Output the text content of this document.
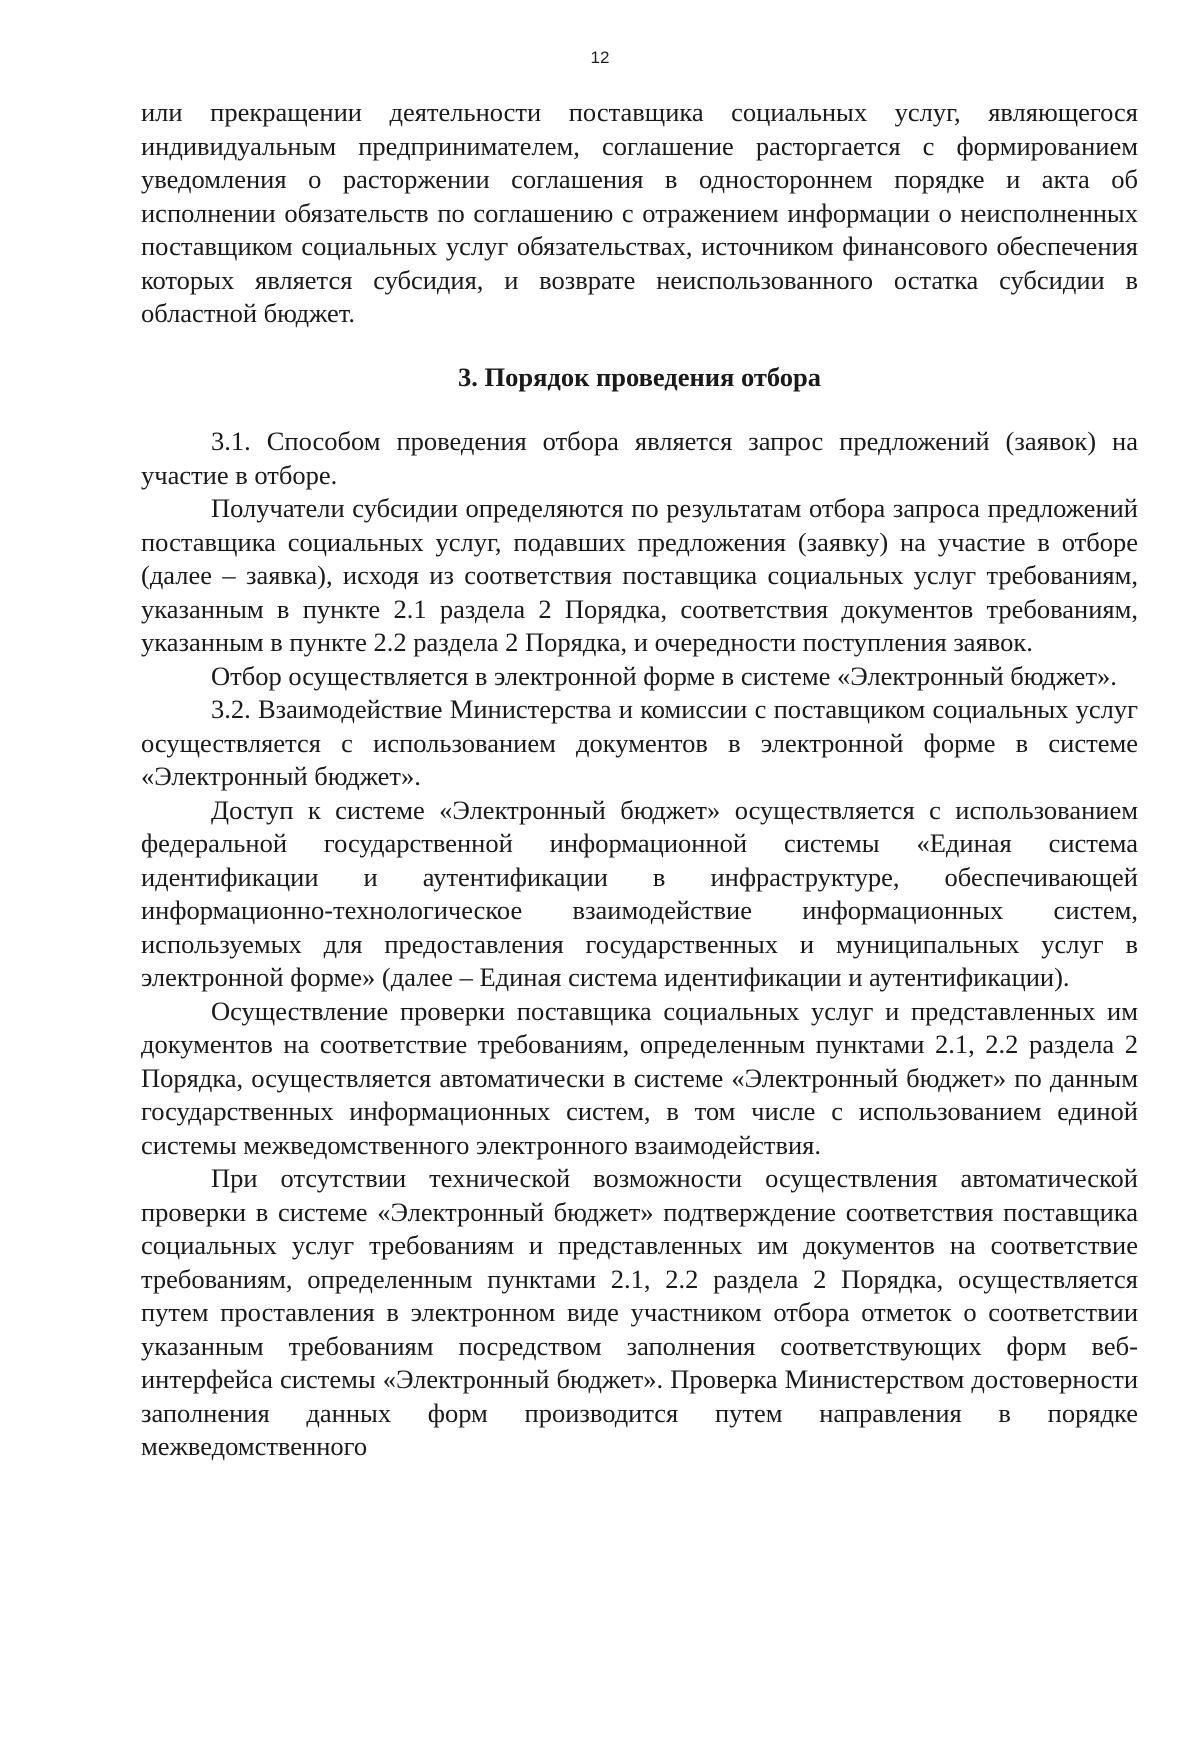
12

или прекращении деятельности поставщика социальных услуг, являющегося индивидуальным предпринимателем, соглашение расторгается с формированием уведомления о расторжении соглашения в одностороннем порядке и акта об исполнении обязательств по соглашению с отражением информации о неисполненных поставщиком социальных услуг обязательствах, источником финансового обеспечения которых является субсидия, и возврате неиспользованного остатка субсидии в областной бюджет.

3. Порядок проведения отбора

3.1. Способом проведения отбора является запрос предложений (заявок) на участие в отборе.

Получатели субсидии определяются по результатам отбора запроса предложений поставщика социальных услуг, подавших предложения (заявку) на участие в отборе (далее – заявка), исходя из соответствия поставщика социальных услуг требованиям, указанным в пункте 2.1 раздела 2 Порядка, соответствия документов требованиям, указанным в пункте 2.2 раздела 2 Порядка, и очередности поступления заявок.

Отбор осуществляется в электронной форме в системе «Электронный бюджет».

3.2. Взаимодействие Министерства и комиссии с поставщиком социальных услуг осуществляется с использованием документов в электронной форме в системе «Электронный бюджет».

Доступ к системе «Электронный бюджет» осуществляется с использованием федеральной государственной информационной системы «Единая система идентификации и аутентификации в инфраструктуре, обеспечивающей информационно-технологическое взаимодействие информационных систем, используемых для предоставления государственных и муниципальных услуг в электронной форме» (далее – Единая система идентификации и аутентификации).

Осуществление проверки поставщика социальных услуг и представленных им документов на соответствие требованиям, определенным пунктами 2.1, 2.2 раздела 2 Порядка, осуществляется автоматически в системе «Электронный бюджет» по данным государственных информационных систем, в том числе с использованием единой системы межведомственного электронного взаимодействия.

При отсутствии технической возможности осуществления автоматической проверки в системе «Электронный бюджет» подтверждение соответствия поставщика социальных услуг требованиям и представленных им документов на соответствие требованиям, определенным пунктами 2.1, 2.2 раздела 2 Порядка, осуществляется путем проставления в электронном виде участником отбора отметок о соответствии указанным требованиям посредством заполнения соответствующих форм веб-интерфейса системы «Электронный бюджет». Проверка Министерством достоверности заполнения данных форм производится путем направления в порядке межведомственного
